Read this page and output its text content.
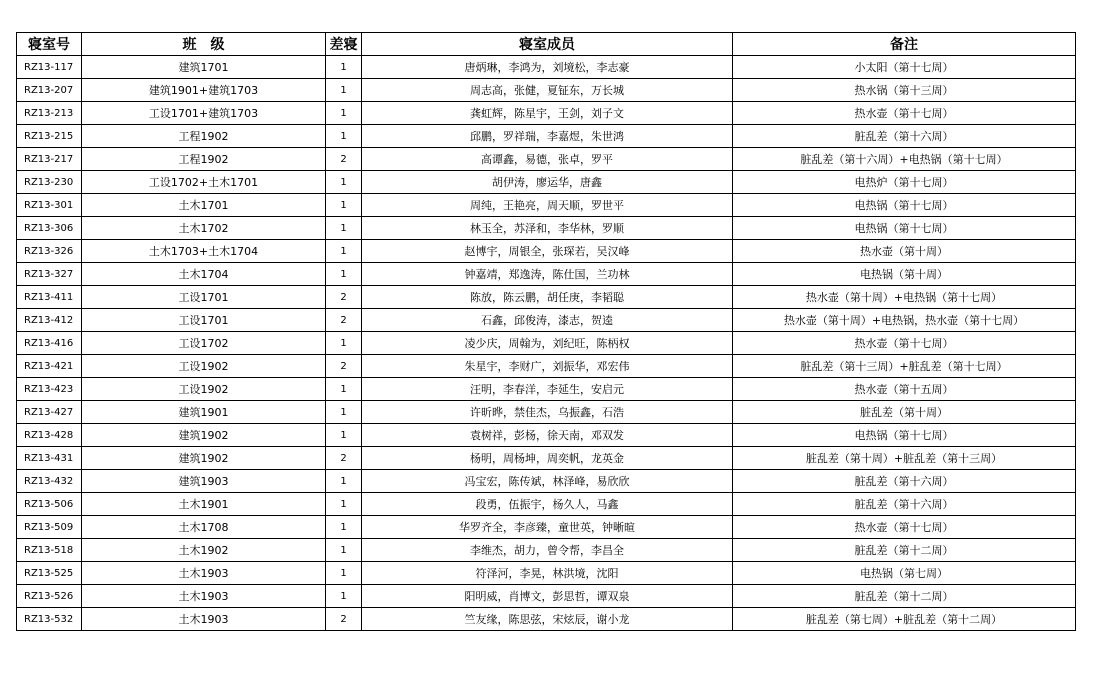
寝室号	班　级	差寝	寝室成员	备注
RZ13-117	建筑1701	1	唐炳琳，李鸿为，刘境松，李志豪	小太阳（第十七周）
RZ13-207	建筑1901+建筑1703	1	周志高，张健，夏钲东，万长城	热水锅（第十三周）
RZ13-213	工设1701+建筑1703	1	龚虹辉，陈星宇，王剑，刘子文	热水壶（第十七周）
RZ13-215	工程1902	1	邱鹏，罗祥瑞，李嘉煜，朱世鸿	脏乱差（第十六周）
RZ13-217	工程1902	2	高谭鑫，易德，张卓，罗平	脏乱差（第十六周）+电热锅（第十七周）
RZ13-230	工设1702+土木1701	1	胡伊涛，廖运华，唐鑫	电热炉（第十七周）
RZ13-301	土木1701	1	周纯，王艳亮，周天顺，罗世平	电热锅（第十七周）
RZ13-306	土木1702	1	林玉全，苏泽和，李华林，罗顺	电热锅（第十七周）
RZ13-326	土木1703+土木1704	1	赵博宇，周银全，张琛若，吴汉峰	热水壶（第十周）
RZ13-327	土木1704	1	钟嘉靖，郑逸涛，陈仕国，兰功林	电热锅（第十周）
RZ13-411	工设1701	2	陈放，陈云鹏，胡任庚，李韬聪	热水壶（第十周）+电热锅（第十七周）
RZ13-412	工设1701	2	石鑫，邱俊涛，漆志，贺逵	热水壶（第十周）+电热锅，热水壶（第十七周）
RZ13-416	工设1702	1	凌少庆，周翰为，刘纪旺，陈柄权	热水壶（第十七周）
RZ13-421	工设1902	2	朱星宇，李财广，刘振华，邓宏伟	脏乱差（第十三周）+脏乱差（第十七周）
RZ13-423	工设1902	1	汪明，李春洋，李延生，安启元	热水壶（第十五周）
RZ13-427	建筑1901	1	许昕晔，禁佳杰，乌振鑫，石浩	脏乱差（第十周）
RZ13-428	建筑1902	1	袁树祥，彭杨，徐天南，邓双发	电热锅（第十七周）
RZ13-431	建筑1902	2	杨明，周杨坤，周奕帆，龙英金	脏乱差（第十周）+脏乱差（第十三周）
RZ13-432	建筑1903	1	冯宝宏，陈传斌，林泽峰，易欣欣	脏乱差（第十六周）
RZ13-506	土木1901	1	段勇，伍振宇，杨久人，马鑫	脏乱差（第十六周）
RZ13-509	土木1708	1	华罗齐全，李彦臻，童世英，钟晰暄	热水壶（第十七周）
RZ13-518	土木1902	1	李维杰，胡力，曾令帮，李昌全	脏乱差（第十二周）
RZ13-525	土木1903	1	符泽河，李晃，林洪境，沈阳	电热锅（第七周）
RZ13-526	土木1903	1	阳明威，肖博文，彭思哲，谭双泉	脏乱差（第十二周）
RZ13-532	土木1903	2	竺友缘，陈思弦，宋炫辰，谢小龙	脏乱差（第七周）+脏乱差（第十二周）
